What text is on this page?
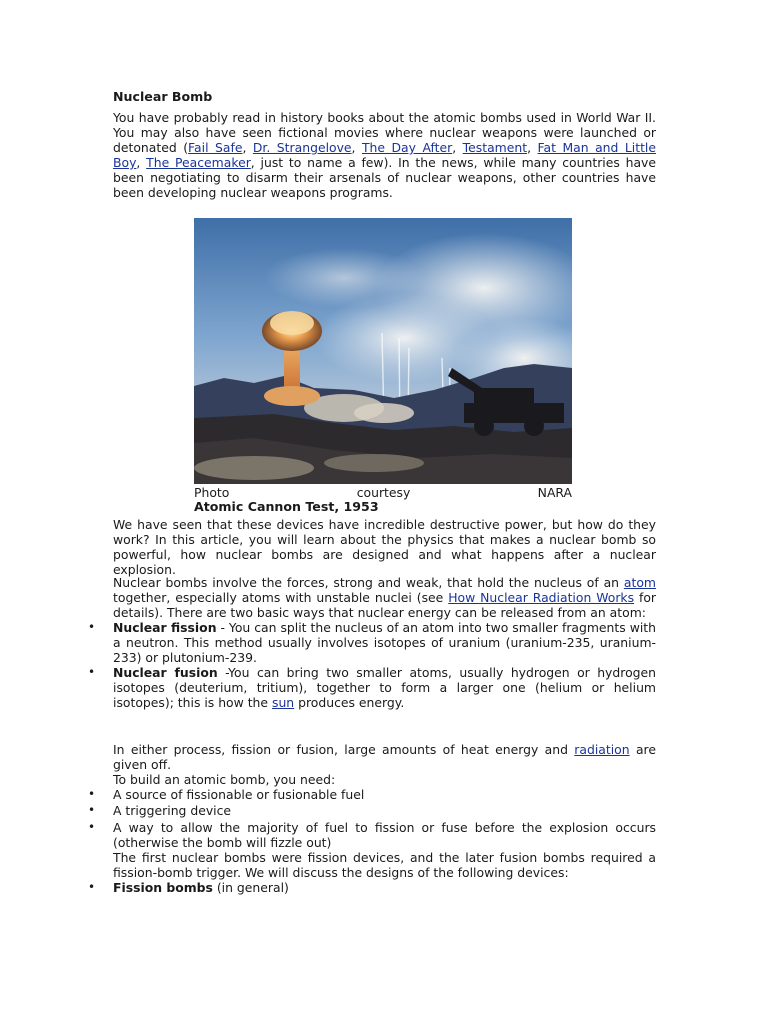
Nuclear Bomb

You have probably read in history books about the atomic bombs used in World War II. You may also have seen fictional movies where nuclear weapons were launched or detonated (Fail Safe, Dr. Strangelove, The Day After, Testament, Fat Man and Little Boy, The Peacemaker, just to name a few). In the news, while many countries have been negotiating to disarm their arsenals of nuclear weapons, other countries have been developing nuclear weapons programs.

Photo	courtesy	NARA
Atomic Cannon Test, 1953

We have seen that these devices have incredible destructive power, but how do they work? In this article, you will learn about the physics that makes a nuclear bomb so powerful, how nuclear bombs are designed and what happens after a nuclear explosion.

Nuclear bombs involve the forces, strong and weak, that hold the nucleus of an atom together, especially atoms with unstable nuclei (see How Nuclear Radiation Works for details). There are two basic ways that nuclear energy can be released from an atom:

• Nuclear fission - You can split the nucleus of an atom into two smaller fragments with a neutron. This method usually involves isotopes of uranium (uranium-235, uranium-233) or plutonium-239.

• Nuclear fusion -You can bring two smaller atoms, usually hydrogen or hydrogen isotopes (deuterium, tritium), together to form a larger one (helium or helium isotopes); this is how the sun produces energy.

In either process, fission or fusion, large amounts of heat energy and radiation are given off.

To build an atomic bomb, you need:

• A source of fissionable or fusionable fuel

• A triggering device

• A way to allow the majority of fuel to fission or fuse before the explosion occurs (otherwise the bomb will fizzle out)

The first nuclear bombs were fission devices, and the later fusion bombs required a fission-bomb trigger. We will discuss the designs of the following devices:

• Fission bombs (in general)
